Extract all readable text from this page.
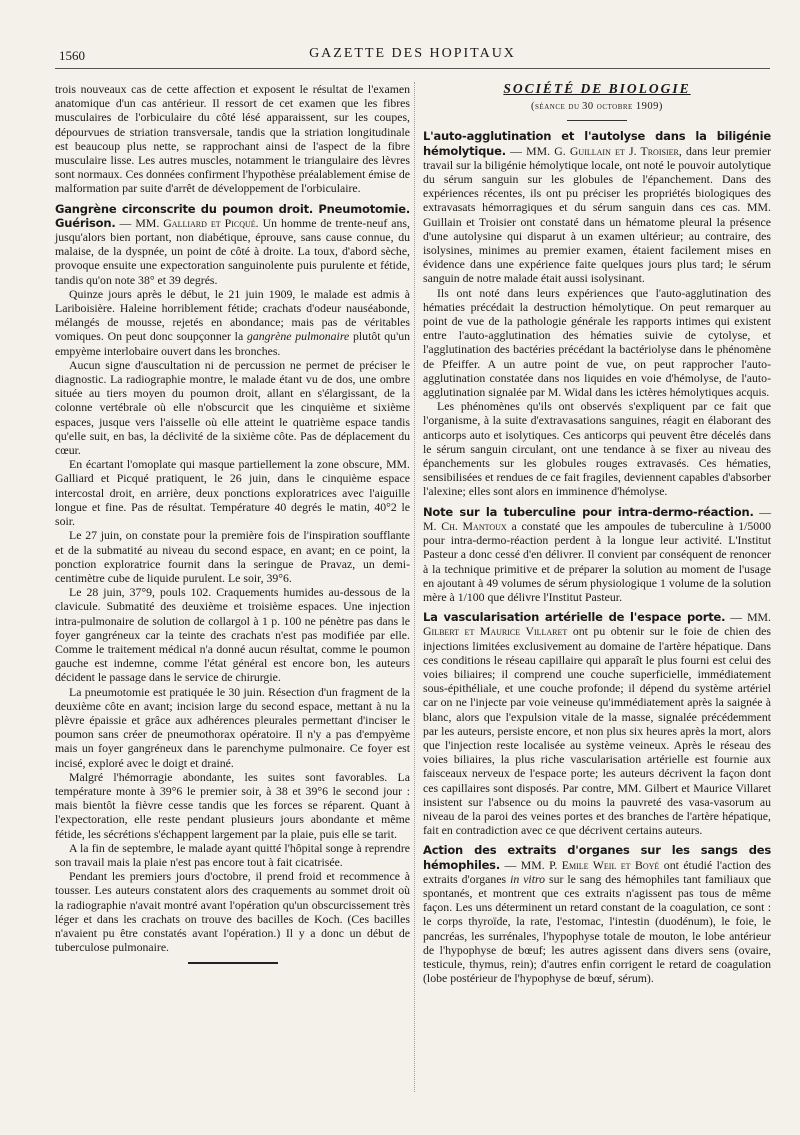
1560	GAZETTE DES HOPITAUX

trois nouveaux cas de cette affection et exposent le résultat de l'examen anatomique d'un cas antérieur. Il ressort de cet examen que les fibres musculaires de l'orbiculaire du côté lésé apparaissent, sur les coupes, dépourvues de striation transversale, tandis que la striation longitudinale est beaucoup plus nette, se rapprochant ainsi de l'aspect de la fibre musculaire lisse. Les autres muscles, notamment le triangulaire des lèvres sont normaux. Ces données confirment l'hypothèse préalablement émise de malformation par suite d'arrêt de développement de l'orbiculaire.

Gangrène circonscrite du poumon droit. Pneumotomie. Guérison. — MM. Galliard et Picqué. Un homme de trente-neuf ans, jusqu'alors bien portant, non diabétique, éprouve, sans cause connue, du malaise, de la dyspnée, un point de côté à droite. La toux, d'abord sèche, provoque ensuite une expectoration sanguinolente puis purulente et fétide, tandis qu'on note 38° et 39 degrés.

Quinze jours après le début, le 21 juin 1909, le malade est admis à Lariboisière. Haleine horriblement fétide; crachats d'odeur nauséabonde, mélangés de mousse, rejetés en abondance; mais pas de véritables vomiques. On peut donc soupçonner la gangrène pulmonaire plutôt qu'un empyème interlobaire ouvert dans les bronches.

Aucun signe d'auscultation ni de percussion ne permet de préciser le diagnostic. La radiographie montre, le malade étant vu de dos, une ombre située au tiers moyen du poumon droit, allant en s'élargissant, de la colonne vertébrale où elle n'obscurcit que les cinquième et sixième espaces, jusque vers l'aisselle où elle atteint le quatrième espace tandis qu'elle suit, en bas, la déclivité de la sixième côte. Pas de déplacement du cœur.

En écartant l'omoplate qui masque partiellement la zone obscure, MM. Galliard et Picqué pratiquent, le 26 juin, dans le cinquième espace intercostal droit, en arrière, deux ponctions exploratrices avec l'aiguille longue et fine. Pas de résultat. Température 40 degrés le matin, 40°2 le soir.

Le 27 juin, on constate pour la première fois de l'inspiration soufflante et de la submatité au niveau du second espace, en avant; en ce point, la ponction exploratrice fournit dans la seringue de Pravaz, un demi-centimètre cube de liquide purulent. Le soir, 39°6.

Le 28 juin, 37°9, pouls 102. Craquements humides au-dessous de la clavicule. Submatité des deuxième et troisième espaces. Une injection intra-pulmonaire de solution de collargol à 1 p. 100 ne pénètre pas dans le foyer gangréneux car la teinte des crachats n'est pas modifiée par elle. Comme le traitement médical n'a donné aucun résultat, comme le poumon gauche est indemne, comme l'état général est encore bon, les auteurs décident le passage dans le service de chirurgie.

La pneumotomie est pratiquée le 30 juin. Résection d'un fragment de la deuxième côte en avant; incision large du second espace, mettant à nu la plèvre épaissie et grâce aux adhérences pleurales permettant d'inciser le poumon sans créer de pneumothorax opératoire. Il n'y a pas d'empyème mais un foyer gangréneux dans le parenchyme pulmonaire. Ce foyer est incisé, exploré avec le doigt et drainé.

Malgré l'hémorragie abondante, les suites sont favorables. La température monte à 39°6 le premier soir, à 38 et 39°6 le second jour : mais bientôt la fièvre cesse tandis que les forces se réparent. Quant à l'expectoration, elle reste pendant plusieurs jours abondante et même fétide, les sécrétions s'échappent largement par la plaie, puis elle se tarit.

A la fin de septembre, le malade ayant quitté l'hôpital songe à reprendre son travail mais la plaie n'est pas encore tout à fait cicatrisée.

Pendant les premiers jours d'octobre, il prend froid et recommence à tousser. Les auteurs constatent alors des craquements au sommet droit où la radiographie n'avait montré avant l'opération qu'un obscurcissement très léger et dans les crachats on trouve des bacilles de Koch. (Ces bacilles n'avaient pu être constatés avant l'opération.) Il y a donc un début de tuberculose pulmonaire.

SOCIÉTÉ DE BIOLOGIE
(séance du 30 octobre 1909)

L'auto-agglutination et l'autolyse dans la biligénie hémolytique. — MM. G. Guillain et J. Troisier, dans leur premier travail sur la biligénie hémolytique locale, ont noté le pouvoir autolytique du sérum sanguin sur les globules de l'épanchement. Dans des expériences récentes, ils ont pu préciser les propriétés biologiques des extravasats hémorragiques et du sérum sanguin dans ces cas. MM. Guillain et Troisier ont constaté dans un hématome pleural la présence d'une autolysine qui disparut à un examen ultérieur; au contraire, des isolysines, minimes au premier examen, étaient facilement mises en évidence dans une expérience faite quelques jours plus tard; le sérum sanguin de notre malade était aussi isolysinant.

Ils ont noté dans leurs expériences que l'auto-agglutination des hématies précédait la destruction hémolytique. On peut remarquer au point de vue de la pathologie générale les rapports intimes qui existent entre l'auto-agglutination des hématies suivie de cytolyse, et l'agglutination des bactéries précédant la bactériolyse dans le phénomène de Pfeiffer. A un autre point de vue, on peut rapprocher l'auto-agglutination constatée dans nos liquides en voie d'hémolyse, de l'auto-agglutination signalée par M. Widal dans les ictères hémolytiques acquis.

Les phénomènes qu'ils ont observés s'expliquent par ce fait que l'organisme, à la suite d'extravasations sanguines, réagit en élaborant des anticorps auto et isolytiques. Ces anticorps qui peuvent être décelés dans le sérum sanguin circulant, ont une tendance à se fixer au niveau des épanchements sur les globules rouges extravasés. Ces hématies, sensibilisées et rendues de ce fait fragiles, deviennent capables d'absorber l'alexine; elles sont alors en imminence d'hémolyse.

Note sur la tuberculine pour intra-dermo-réaction. — M. Ch. Mantoux a constaté que les ampoules de tuberculine à 1/5000 pour intra-dermo-réaction perdent à la longue leur activité. L'Institut Pasteur a donc cessé d'en délivrer. Il convient par conséquent de renoncer à la technique primitive et de préparer la solution au moment de l'usage en ajoutant à 49 volumes de sérum physiologique 1 volume de la solution mère à 1/100 que délivre l'Institut Pasteur.

La vascularisation artérielle de l'espace porte. — MM. Gilbert et Maurice Villaret ont pu obtenir sur le foie de chien des injections limitées exclusivement au domaine de l'artère hépatique. Dans ces conditions le réseau capillaire qui apparaît le plus fourni est celui des voies biliaires; il comprend une couche superficielle, immédiatement sous-épithéliale, et une couche profonde; il dépend du système artériel car on ne l'injecte par voie veineuse qu'immédiatement après la saignée à blanc, alors que l'expulsion vitale de la masse, signalée précédemment par les auteurs, persiste encore, et non plus six heures après la mort, alors que l'injection reste localisée au système veineux. Après le réseau des voies biliaires, la plus riche vascularisation artérielle est fournie aux faisceaux nerveux de l'espace porte; les auteurs décrivent la façon dont ces capillaires sont disposés. Par contre, MM. Gilbert et Maurice Villaret insistent sur l'absence ou du moins la pauvreté des vasa-vasorum au niveau de la paroi des veines portes et des branches de l'artère hépatique, fait en contradiction avec ce que décrivent certains auteurs.

Action des extraits d'organes sur les sangs des hémophiles. — MM. P. Emile Weil et Boyé ont étudié l'action des extraits d'organes in vitro sur le sang des hémophiles tant familiaux que spontanés, et montrent que ces extraits n'agissent pas tous de même façon. Les uns déterminent un retard constant de la coagulation, ce sont : le corps thyroïde, la rate, l'estomac, l'intestin (duodénum), le foie, le pancréas, les surrénales, l'hypophyse totale de mouton, le lobe antérieur de l'hypophyse de bœuf; les autres agissent dans divers sens (ovaire, testicule, thymus, rein); d'autres enfin corrigent le retard de coagulation (lobe postérieur de l'hypophyse de bœuf, sérum).
